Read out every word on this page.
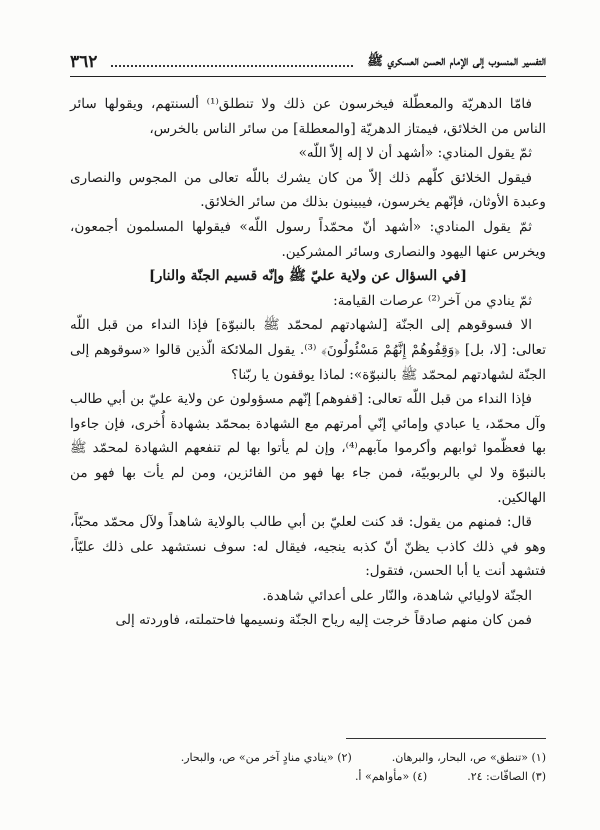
٣٦٢	التفسير المنسوب إلى الإمام الحسن العسكري ﷺ

فامّا الدهريّة والمعطّلة فيخرسون عن ذلك ولا تنطلق⁽¹⁾ ألسنتهم، ويقولها سائر الناس من الخلائق، فيمتاز الدهريّة [والمعطلة] من سائر الناس بالخرس،

ثمّ يقول المنادي: «أشهد أن لا إله إلاّ اللّه»

فيقول الخلائق كلّهم ذلك إلاّ من كان يشرك باللّه تعالى من المجوس والنصارى وعبدة الأوثان، فإنّهم يخرسون، فيبينون بذلك من سائر الخلائق.

ثمّ يقول المنادي: «أشهد أنّ محمّداً رسول اللّه» فيقولها المسلمون أجمعون، ويخرس عنها اليهود والنصارى وسائر المشركين.

[في السؤال عن ولاية عليّ ﷺ وإنّه قسيم الجنّة والنار]

ثمّ ينادي من آخر⁽²⁾ عرصات القيامة:

الا فسوقوهم إلى الجنّة [لشهادتهم لمحمّد ﷺ بالنبوّة] فإذا النداء من قبل اللّه تعالى: [لا، بل] ﴿وَقِفُوهُمْ إِنَّهُمْ مَسْئُولُونَ﴾ ⁽³⁾. يقول الملائكة الّذين قالوا «سوقوهم إلى الجنّة لشهادتهم لمحمّد ﷺ بالنبوّة»: لماذا يوقفون يا ربّنا؟

فإذا النداء من قبل اللّه تعالى: [قفوهم] إنّهم مسؤولون عن ولاية عليّ بن أبي طالب وآل محمّد، يا عبادي وإمائي إنّي أمرتهم مع الشهادة بمحمّد بشهادة أُخرى، فإن جاءوا بها فعظّموا ثوابهم وأكرموا مآبهم⁽⁴⁾، وإن لم يأتوا بها لم تنفعهم الشهادة لمحمّد ﷺ بالنبوّة ولا لي بالربوبيّة، فمن جاء بها فهو من الفائزين، ومن لم يأت بها فهو من الهالكين.

قال: فمنهم من يقول: قد كنت لعليّ بن أبي طالب بالولاية شاهداً ولآل محمّد محبّاً، وهو في ذلك كاذب يظنّ أنّ كذبه ينجيه، فيقال له: سوف نستشهد على ذلك عليّاً، فتشهد أنت يا أبا الحسن، فتقول:

الجنّة لاوليائي شاهدة، والنّار على أعدائي شاهدة.

فمن كان منهم صادقاً خرجت إليه رياح الجنّة ونسيمها فاحتملته، فاوردته إلى

(١) «تنطق» ص، البحار، والبرهان.
(٢) «ينادي منادٍ آخر من» ص، والبحار.
(٣) الصافّات: ٢٤.
(٤) «مأواهم» أ.
